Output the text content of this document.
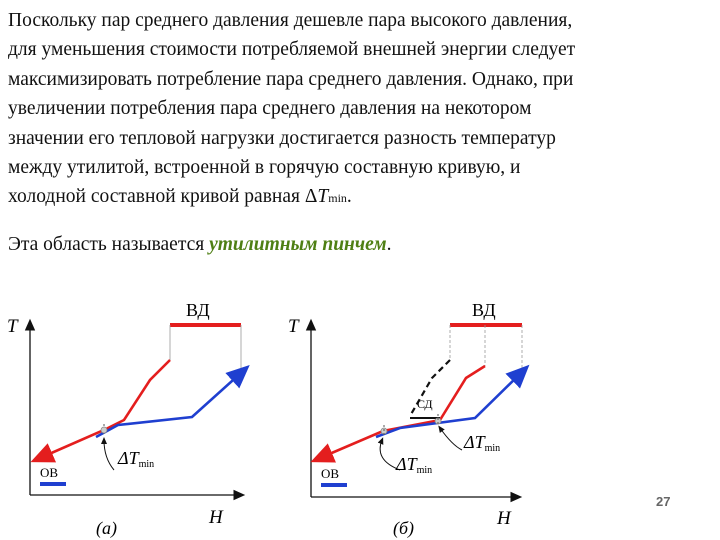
Поскольку пар среднего давления дешевле пара высокого давления,
для уменьшения стоимости потребляемой внешней энергии следует
максимизировать потребление пара среднего давления. Однако, при
увеличении потребления пара среднего давления на некотором
значении его тепловой нагрузки достигается разность температур
между утилитой, встроенной в горячую составную кривую, и
холодной составной кривой равная ΔTmin.
Эта область называется утилитным пинчем.
T
H
ВД
ОВ
ΔTmin
(а)
T
H
ВД
СД
ОВ	ΔTmin
ΔTmin
(б)
27
